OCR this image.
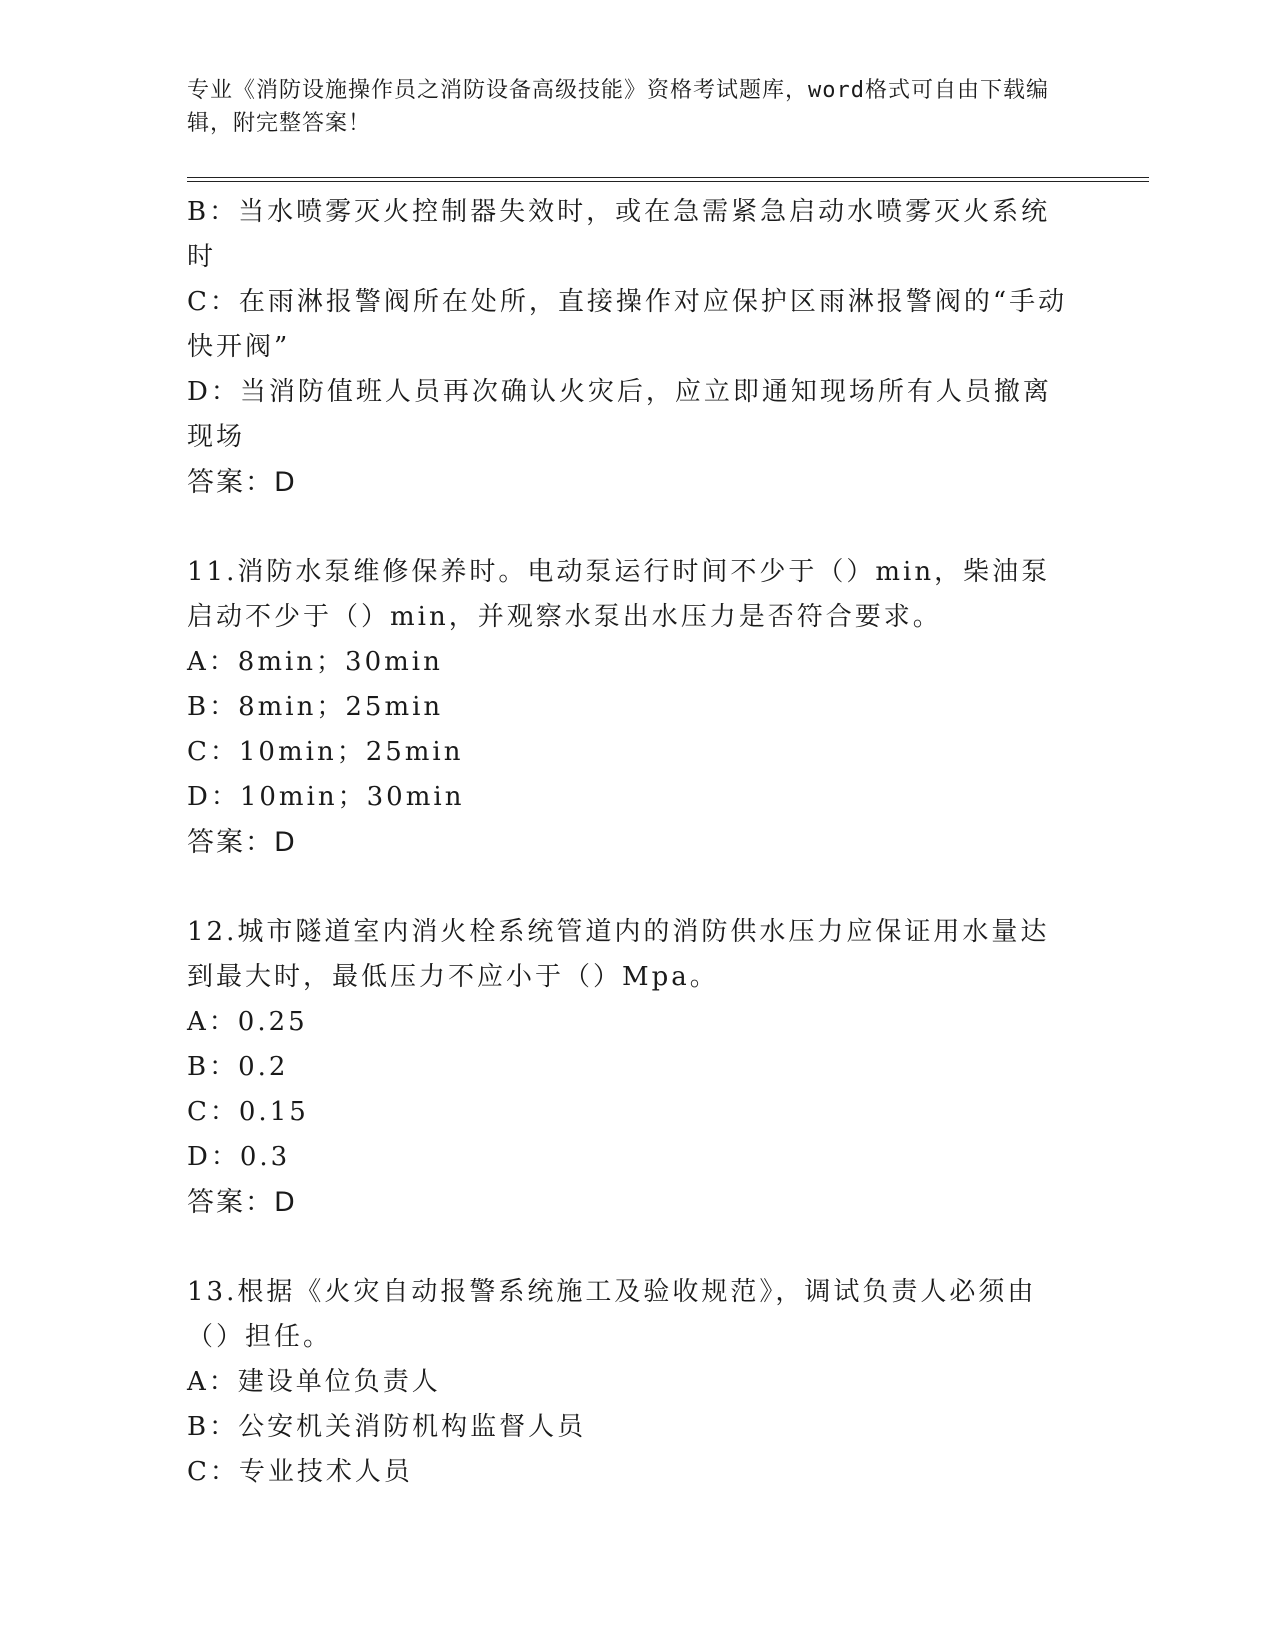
专业《消防设施操作员之消防设备高级技能》资格考试题库，word格式可自由下载编辑，附完整答案！

B：当水喷雾灭火控制器失效时，或在急需紧急启动水喷雾灭火系统时

C：在雨淋报警阀所在处所，直接操作对应保护区雨淋报警阀的“手动快开阀”

D：当消防值班人员再次确认火灾后，应立即通知现场所有人员撤离现场

答案：D

11.消防水泵维修保养时。电动泵运行时间不少于（）min，柴油泵启动不少于（）min，并观察水泵出水压力是否符合要求。

A：8min；30min

B：8min；25min

C：10min；25min

D：10min；30min

答案：D

12.城市隧道室内消火栓系统管道内的消防供水压力应保证用水量达到最大时，最低压力不应小于（）Mpa。

A：0.25

B：0.2

C：0.15

D：0.3

答案：D

13.根据《火灾自动报警系统施工及验收规范》，调试负责人必须由（）担任。

A：建设单位负责人

B：公安机关消防机构监督人员

C：专业技术人员
